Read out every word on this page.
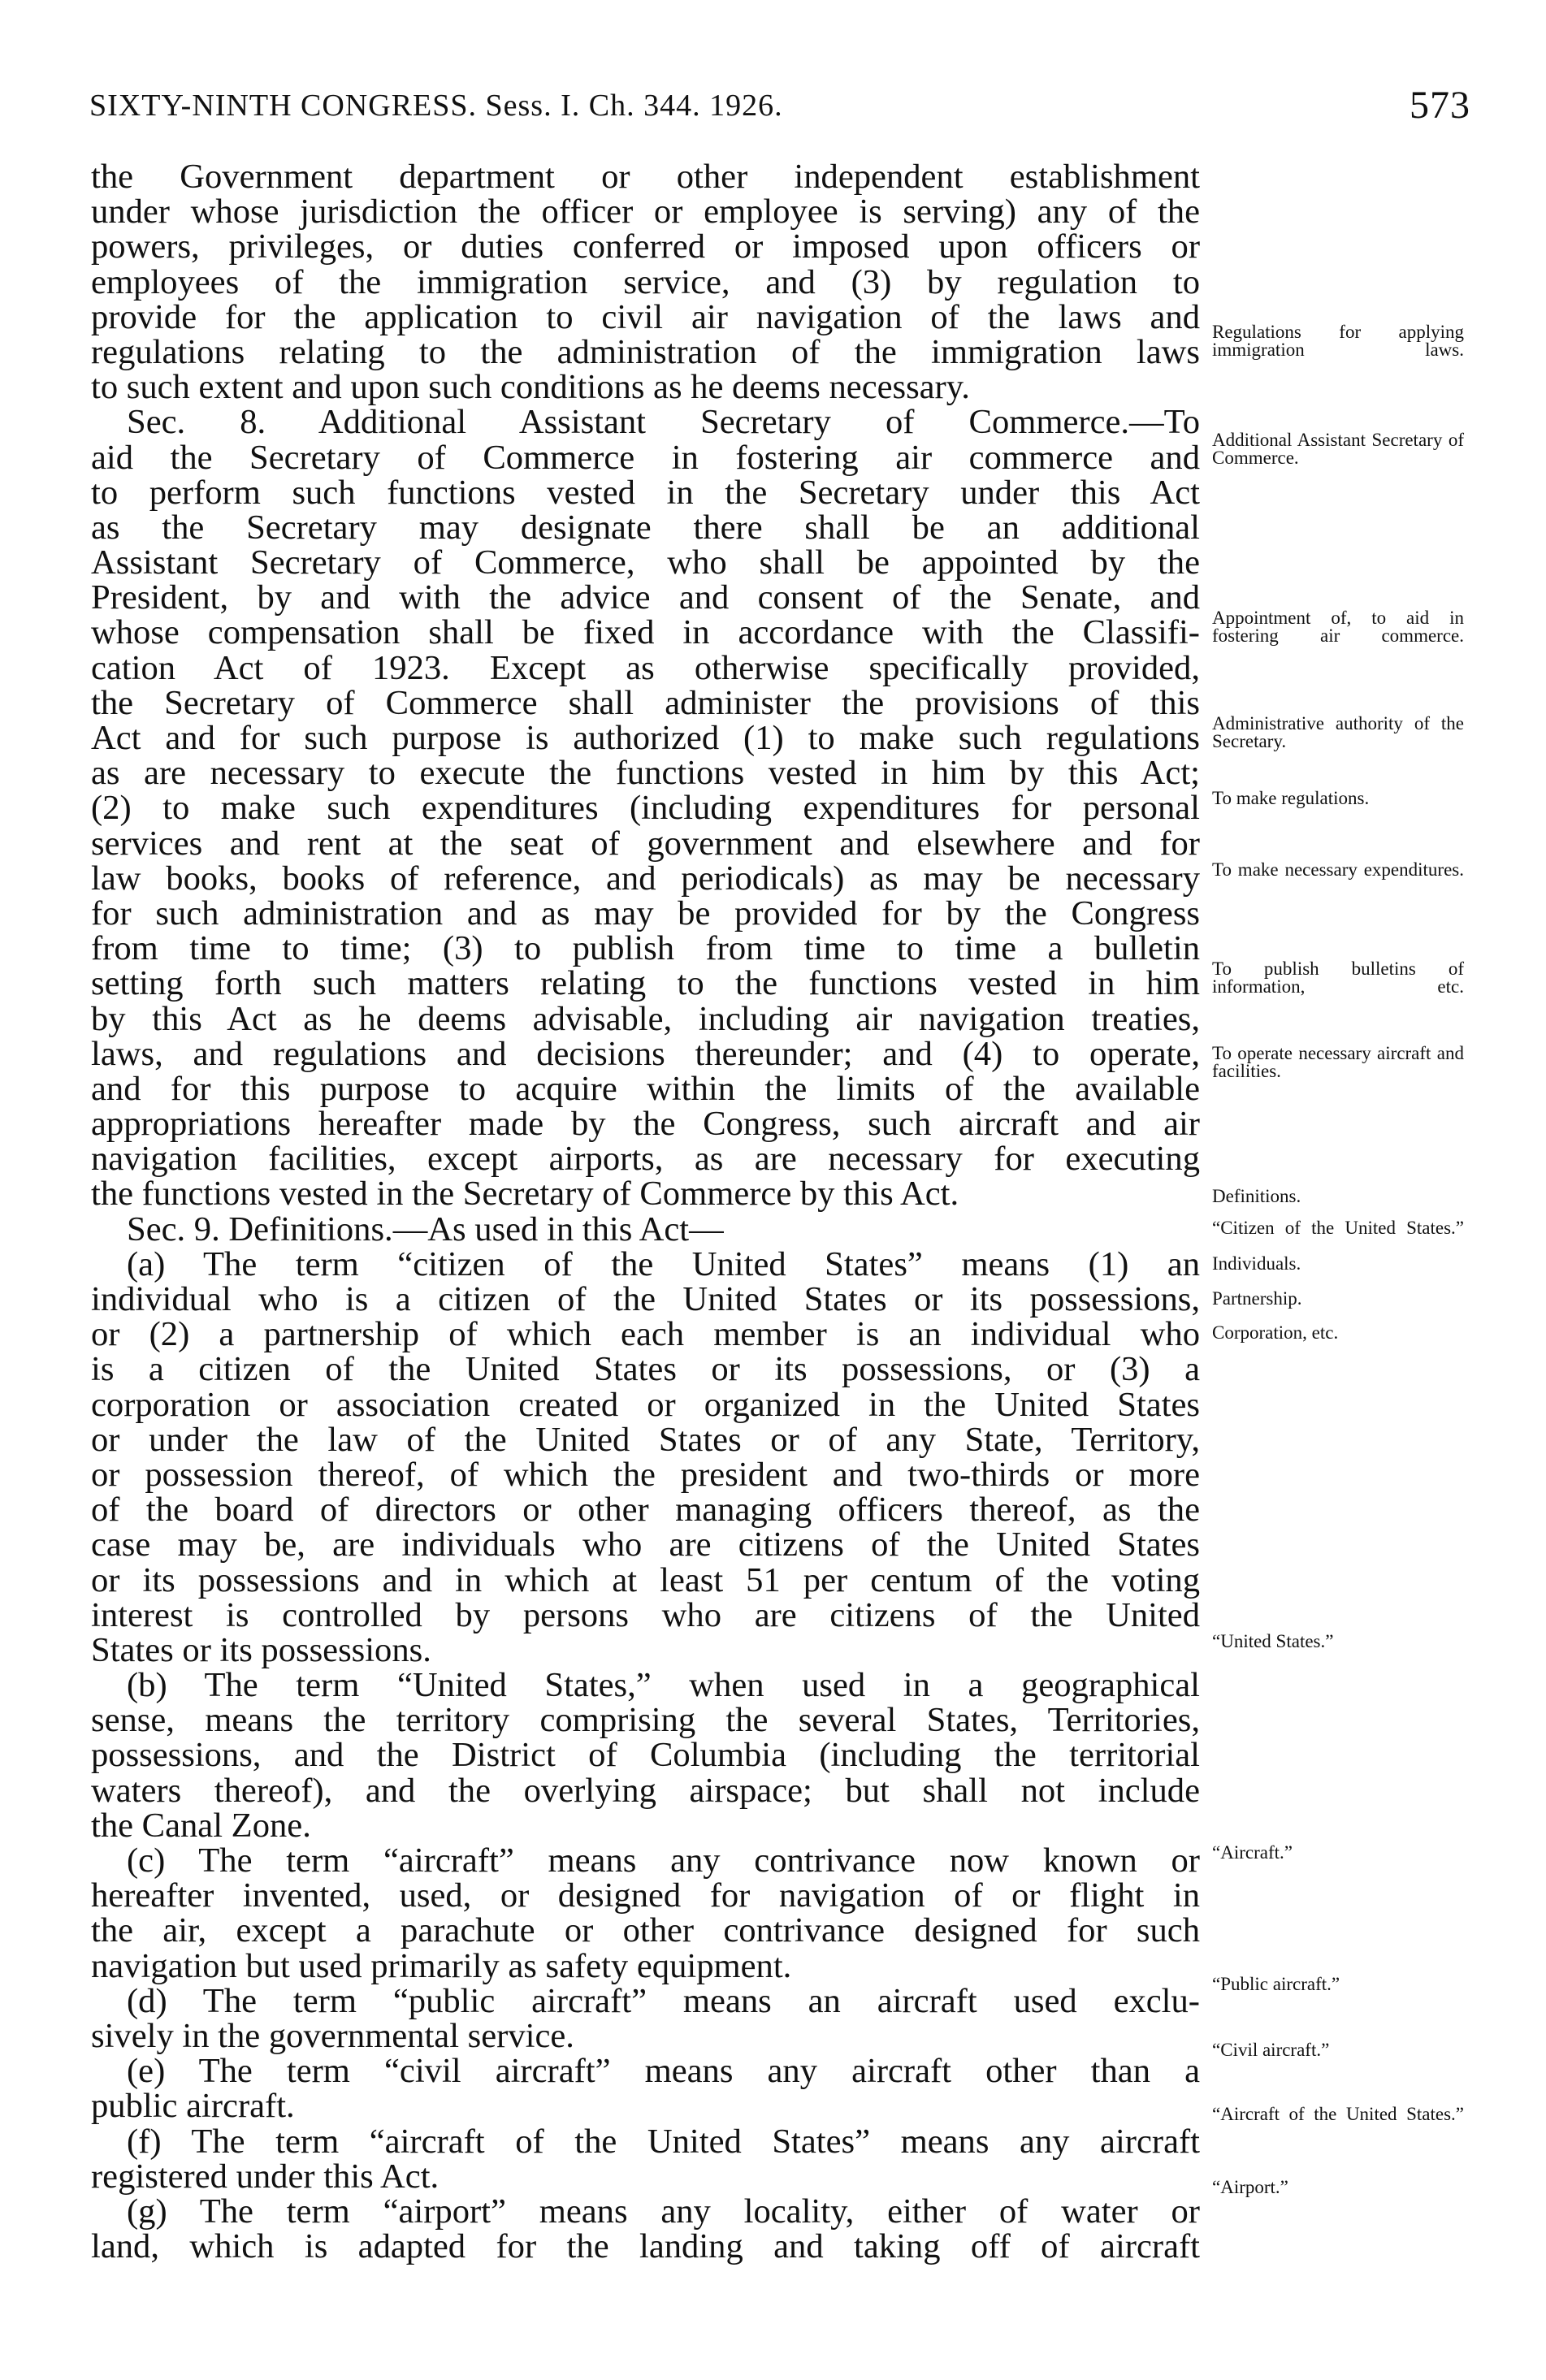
SIXTY-NINTH CONGRESS. Sess. I. Ch. 344. 1926.	573
the Government department or other independent establishment
under whose jurisdiction the officer or employee is serving) any of the
powers, privileges, or duties conferred or imposed upon officers or
employees of the immigration service, and (3) by regulation to
provide for the application to civil air navigation of the laws and
regulations relating to the administration of the immigration laws
to such extent and upon such conditions as he deems necessary.
Sec. 8. Additional Assistant Secretary of Commerce.—To
aid the Secretary of Commerce in fostering air commerce and
to perform such functions vested in the Secretary under this Act
as the Secretary may designate there shall be an additional
Assistant Secretary of Commerce, who shall be appointed by the
President, by and with the advice and consent of the Senate, and
whose compensation shall be fixed in accordance with the Classifi-
cation Act of 1923. Except as otherwise specifically provided,
the Secretary of Commerce shall administer the provisions of this
Act and for such purpose is authorized (1) to make such regulations
as are necessary to execute the functions vested in him by this Act;
(2) to make such expenditures (including expenditures for personal
services and rent at the seat of government and elsewhere and for
law books, books of reference, and periodicals) as may be necessary
for such administration and as may be provided for by the Congress
from time to time; (3) to publish from time to time a bulletin
setting forth such matters relating to the functions vested in him
by this Act as he deems advisable, including air navigation treaties,
laws, and regulations and decisions thereunder; and (4) to operate,
and for this purpose to acquire within the limits of the available
appropriations hereafter made by the Congress, such aircraft and air
navigation facilities, except airports, as are necessary for executing
the functions vested in the Secretary of Commerce by this Act.
Sec. 9. Definitions.—As used in this Act—
(a) The term “citizen of the United States” means (1) an
individual who is a citizen of the United States or its possessions,
or (2) a partnership of which each member is an individual who
is a citizen of the United States or its possessions, or (3) a
corporation or association created or organized in the United States
or under the law of the United States or of any State, Territory,
or possession thereof, of which the president and two-thirds or more
of the board of directors or other managing officers thereof, as the
case may be, are individuals who are citizens of the United States
or its possessions and in which at least 51 per centum of the voting
interest is controlled by persons who are citizens of the United
States or its possessions.
(b) The term “United States,” when used in a geographical
sense, means the territory comprising the several States, Territories,
possessions, and the District of Columbia (including the territorial
waters thereof), and the overlying airspace; but shall not include
the Canal Zone.
(c) The term “aircraft” means any contrivance now known or
hereafter invented, used, or designed for navigation of or flight in
the air, except a parachute or other contrivance designed for such
navigation but used primarily as safety equipment.
(d) The term “public aircraft” means an aircraft used exclu-
sively in the governmental service.
(e) The term “civil aircraft” means any aircraft other than a
public aircraft.
(f) The term “aircraft of the United States” means any aircraft
registered under this Act.
(g) The term “airport” means any locality, either of water or
land, which is adapted for the landing and taking off of aircraft
Regulations for applying immigration laws.
Additional Assistant Secretary of Commerce.
Appointment of, to aid in fostering air commerce.
Administrative authority of the Secretary.
To make regulations.
To make necessary expenditures.
To publish bulletins of information, etc.
To operate necessary aircraft and facilities.
Definitions.
“Citizen of the United States.”
Individuals.
Partnership.
Corporation, etc.
“United States.”
“Aircraft.”
“Public aircraft.”
“Civil aircraft.”
“Aircraft of the United States.”
“Airport.”
